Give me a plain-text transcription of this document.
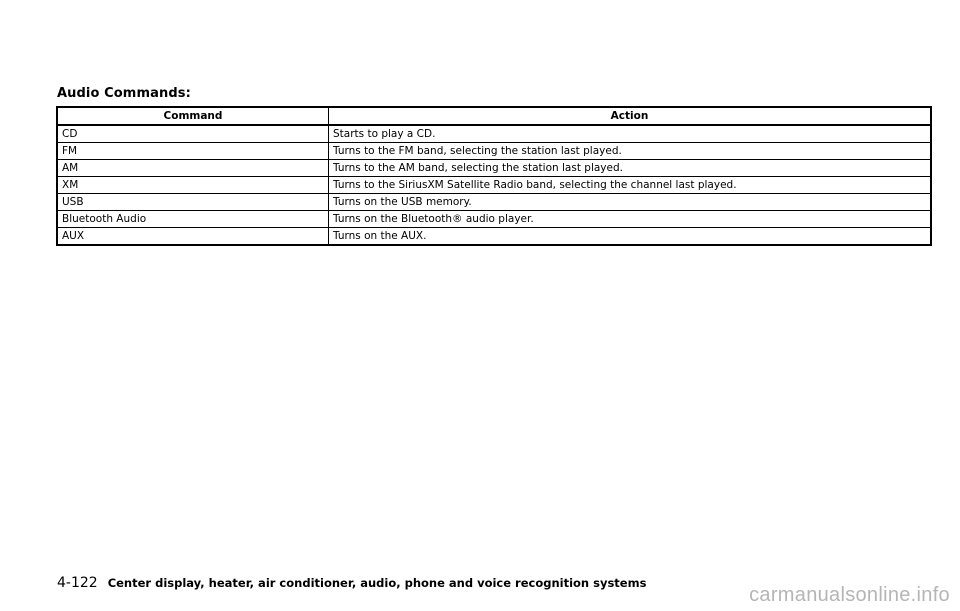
Audio Commands:
Command	Action
CD	Starts to play a CD.
FM	Turns to the FM band, selecting the station last played.
AM	Turns to the AM band, selecting the station last played.
XM	Turns to the SiriusXM Satellite Radio band, selecting the channel last played.
USB	Turns on the USB memory.
Bluetooth Audio	Turns on the Bluetooth® audio player.
AUX	Turns on the AUX.
4-122 Center display, heater, air conditioner, audio, phone and voice recognition systems
carmanualsonline.info
